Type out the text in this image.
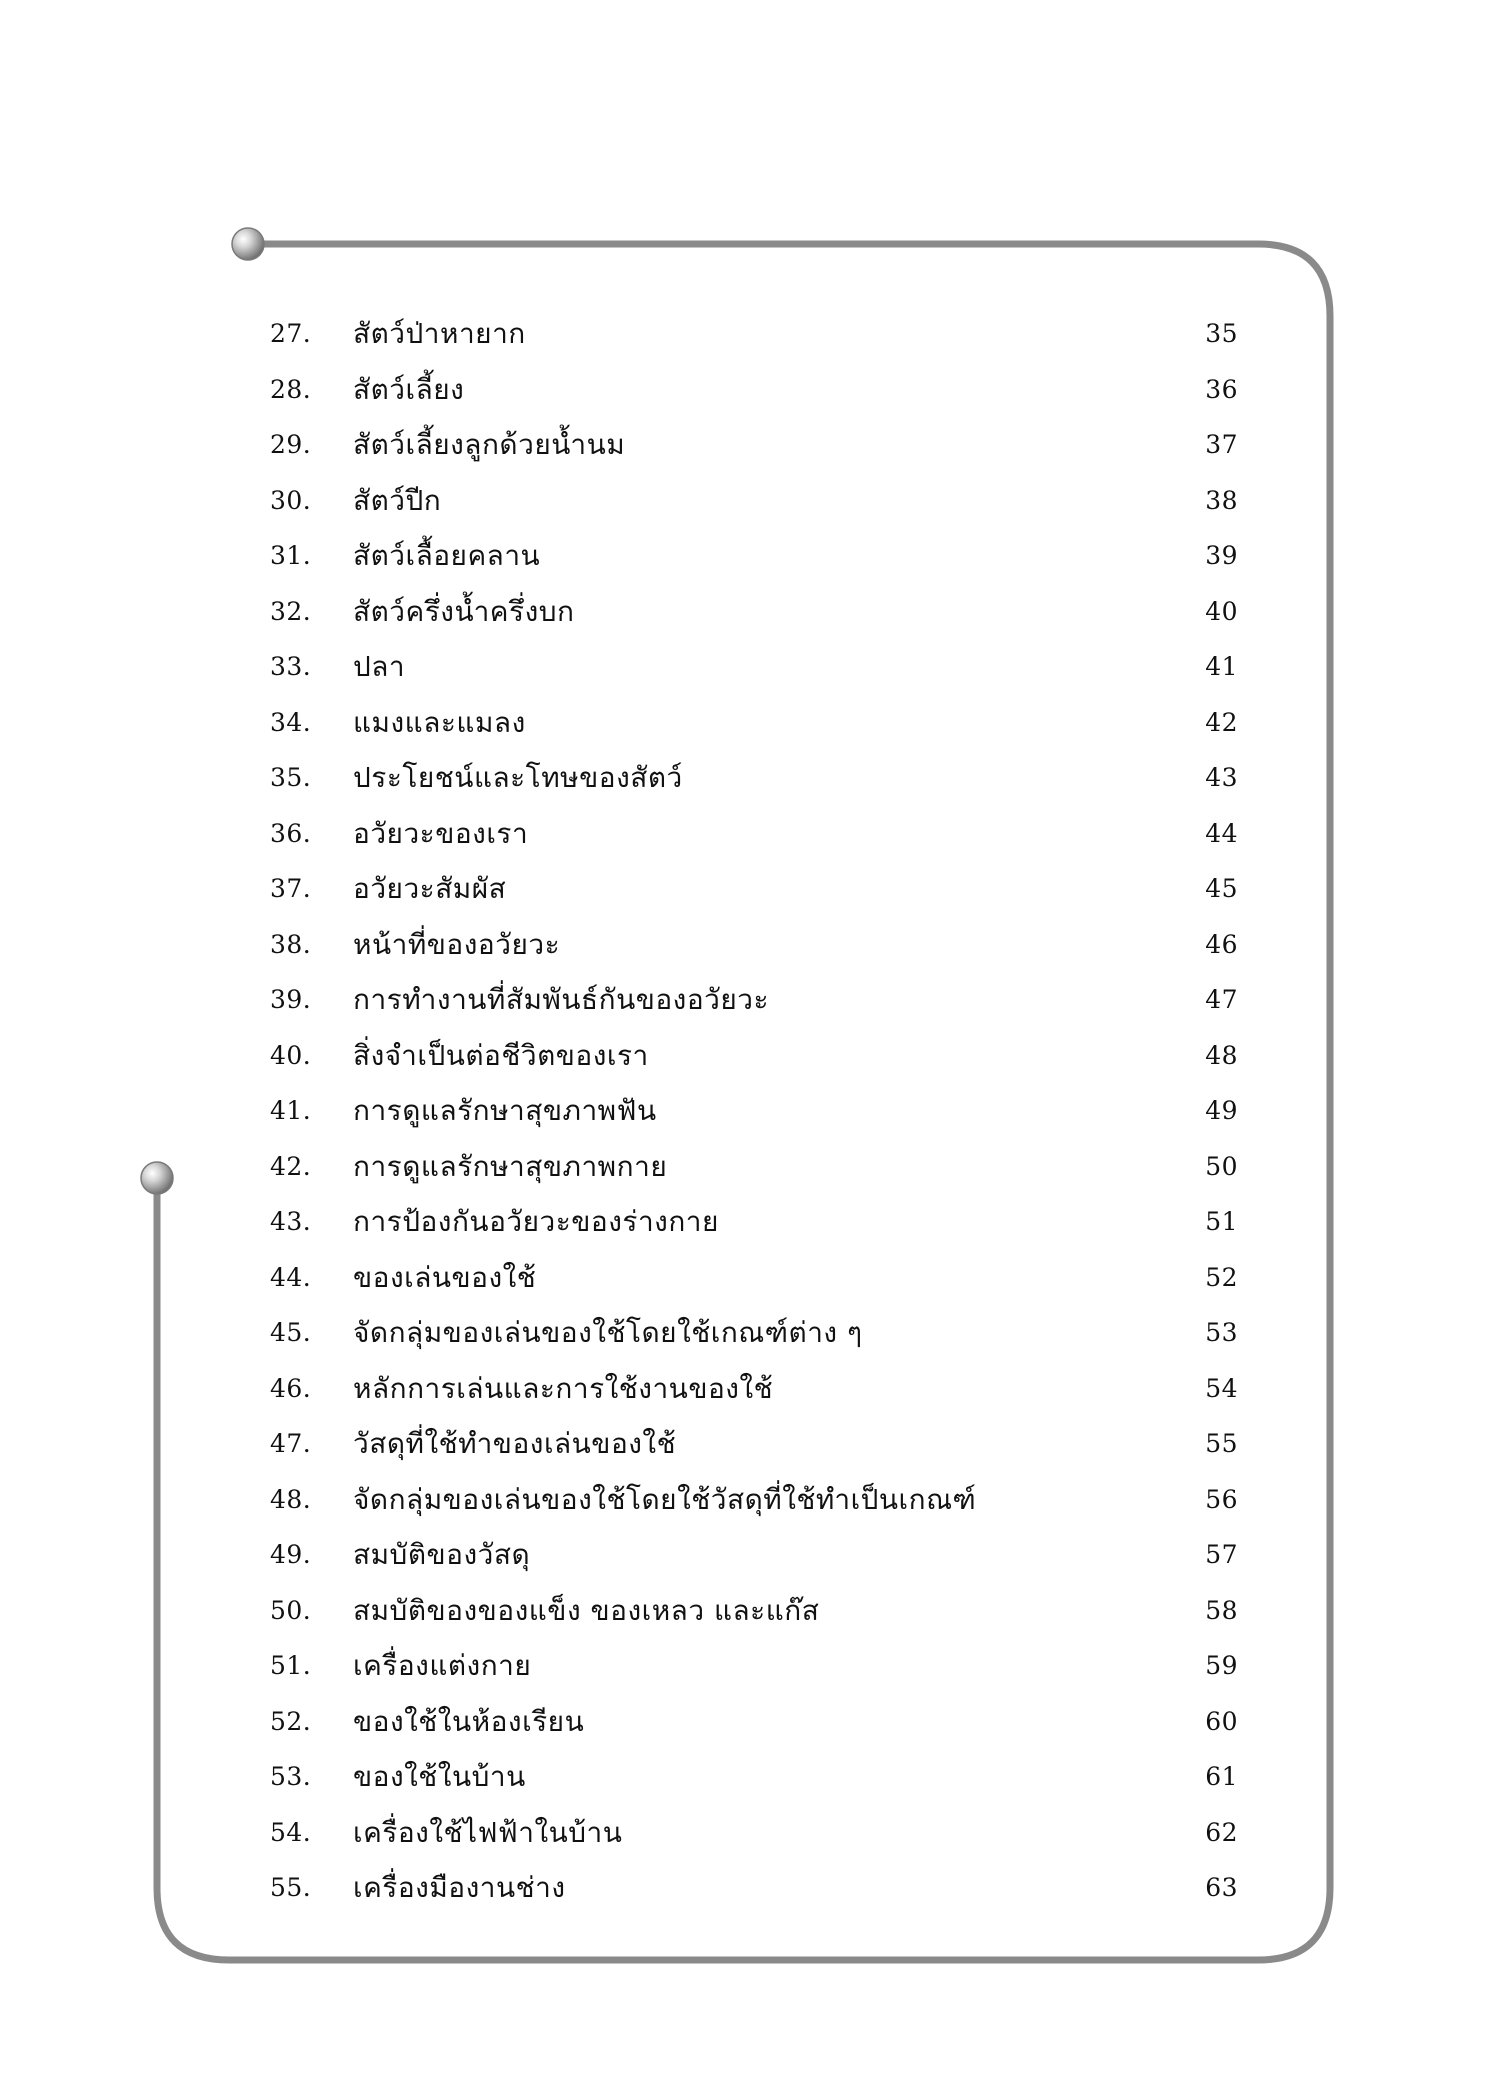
27.	สัตว์ป่าหายาก	35
28.	สัตว์เลี้ยง	36
29.	สัตว์เลี้ยงลูกด้วยน้ำนม	37
30.	สัตว์ปีก	38
31.	สัตว์เลื้อยคลาน	39
32.	สัตว์ครึ่งน้ำครึ่งบก	40
33.	ปลา	41
34.	แมงและแมลง	42
35.	ประโยชน์และโทษของสัตว์	43
36.	อวัยวะของเรา	44
37.	อวัยวะสัมผัส	45
38.	หน้าที่ของอวัยวะ	46
39.	การทำงานที่สัมพันธ์กันของอวัยวะ	47
40.	สิ่งจำเป็นต่อชีวิตของเรา	48
41.	การดูแลรักษาสุขภาพฟัน	49
42.	การดูแลรักษาสุขภาพกาย	50
43.	การป้องกันอวัยวะของร่างกาย	51
44.	ของเล่นของใช้	52
45.	จัดกลุ่มของเล่นของใช้โดยใช้เกณฑ์ต่าง ๆ	53
46.	หลักการเล่นและการใช้งานของใช้	54
47.	วัสดุที่ใช้ทำของเล่นของใช้	55
48.	จัดกลุ่มของเล่นของใช้โดยใช้วัสดุที่ใช้ทำเป็นเกณฑ์	56
49.	สมบัติของวัสดุ	57
50.	สมบัติของของแข็ง ของเหลว และแก๊ส	58
51.	เครื่องแต่งกาย	59
52.	ของใช้ในห้องเรียน	60
53.	ของใช้ในบ้าน	61
54.	เครื่องใช้ไฟฟ้าในบ้าน	62
55.	เครื่องมืองานช่าง	63
